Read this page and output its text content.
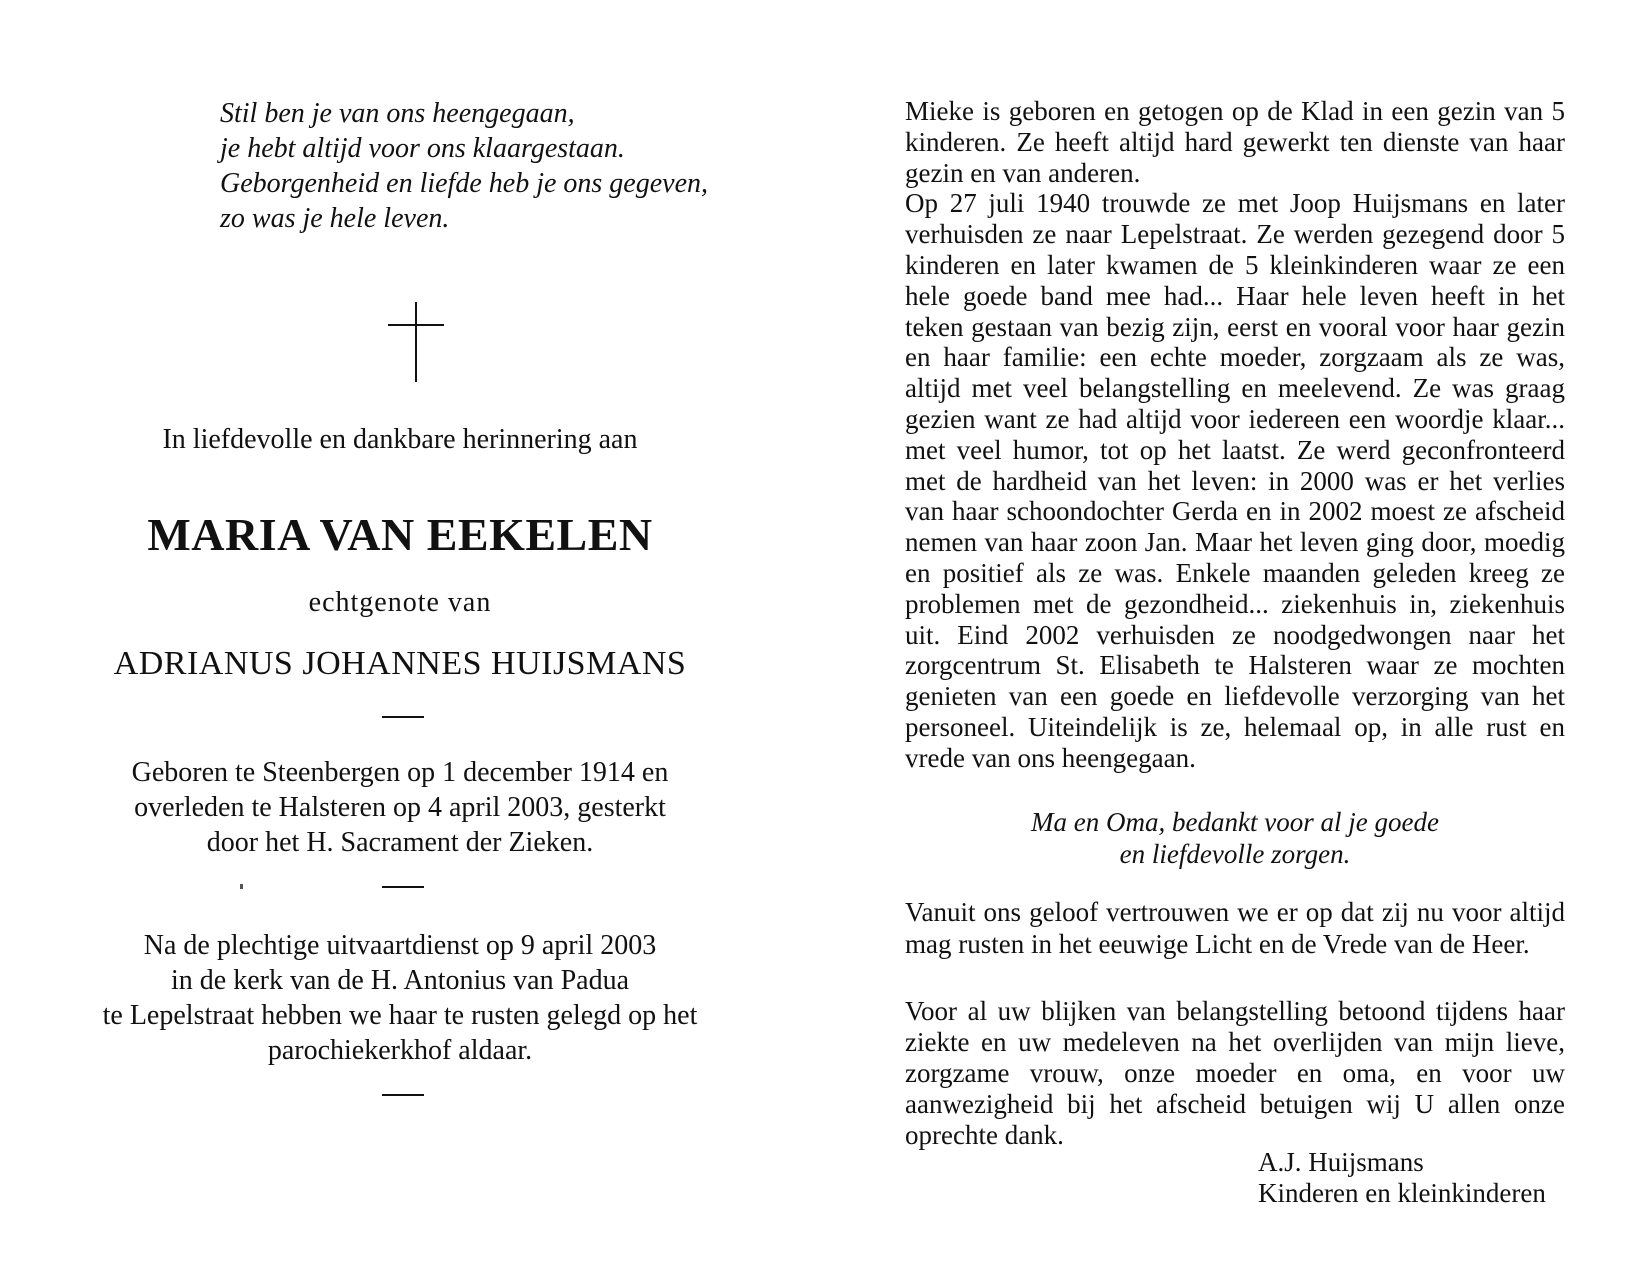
Stil ben je van ons heengegaan,
je hebt altijd voor ons klaargestaan.
Geborgenheid en liefde heb je ons gegeven,
zo was je hele leven.
In liefdevolle en dankbare herinnering aan
MARIA VAN EEKELEN
echtgenote van
ADRIANUS JOHANNES HUIJSMANS
Geboren te Steenbergen op 1 december 1914 en
overleden te Halsteren op 4 april 2003, gesterkt
door het H. Sacrament der Zieken.
Na de plechtige uitvaartdienst op 9 april 2003
in de kerk van de H. Antonius van Padua
te Lepelstraat hebben we haar te rusten gelegd op het
parochiekerkhof aldaar.

Mieke is geboren en getogen op de Klad in een gezin van 5 kinderen. Ze heeft altijd hard gewerkt ten dienste van haar gezin en van anderen.

Op 27 juli 1940 trouwde ze met Joop Huijsmans en later verhuisden ze naar Lepelstraat. Ze werden gezegend door 5 kinderen en later kwamen de 5 kleinkinderen waar ze een hele goede band mee had... Haar hele leven heeft in het teken gestaan van bezig zijn, eerst en vooral voor haar gezin en haar familie: een echte moeder, zorgzaam als ze was, altijd met veel belangstelling en meelevend. Ze was graag gezien want ze had altijd voor iedereen een woordje klaar... met veel humor, tot op het laatst. Ze werd geconfronteerd met de hardheid van het leven: in 2000 was er het verlies van haar schoondochter Gerda en in 2002 moest ze afscheid nemen van haar zoon Jan. Maar het leven ging door, moedig en positief als ze was. Enkele maanden geleden kreeg ze problemen met de gezondheid... ziekenhuis in, ziekenhuis uit. Eind 2002 verhuisden ze noodgedwongen naar het zorgcentrum St. Elisabeth te Halsteren waar ze mochten genieten van een goede en liefdevolle verzorging van het personeel. Uiteindelijk is ze, helemaal op, in alle rust en vrede van ons heengegaan.

Ma en Oma, bedankt voor al je goede
en liefdevolle zorgen.
Vanuit ons geloof vertrouwen we er op dat zij nu voor altijd mag rusten in het eeuwige Licht en de Vrede van de Heer.
Voor al uw blijken van belangstelling betoond tijdens haar ziekte en uw medeleven na het overlijden van mijn lieve, zorgzame vrouw, onze moeder en oma, en voor uw aanwezigheid bij het afscheid betuigen wij U allen onze oprechte dank.
A.J. Huijsmans
Kinderen en kleinkinderen
